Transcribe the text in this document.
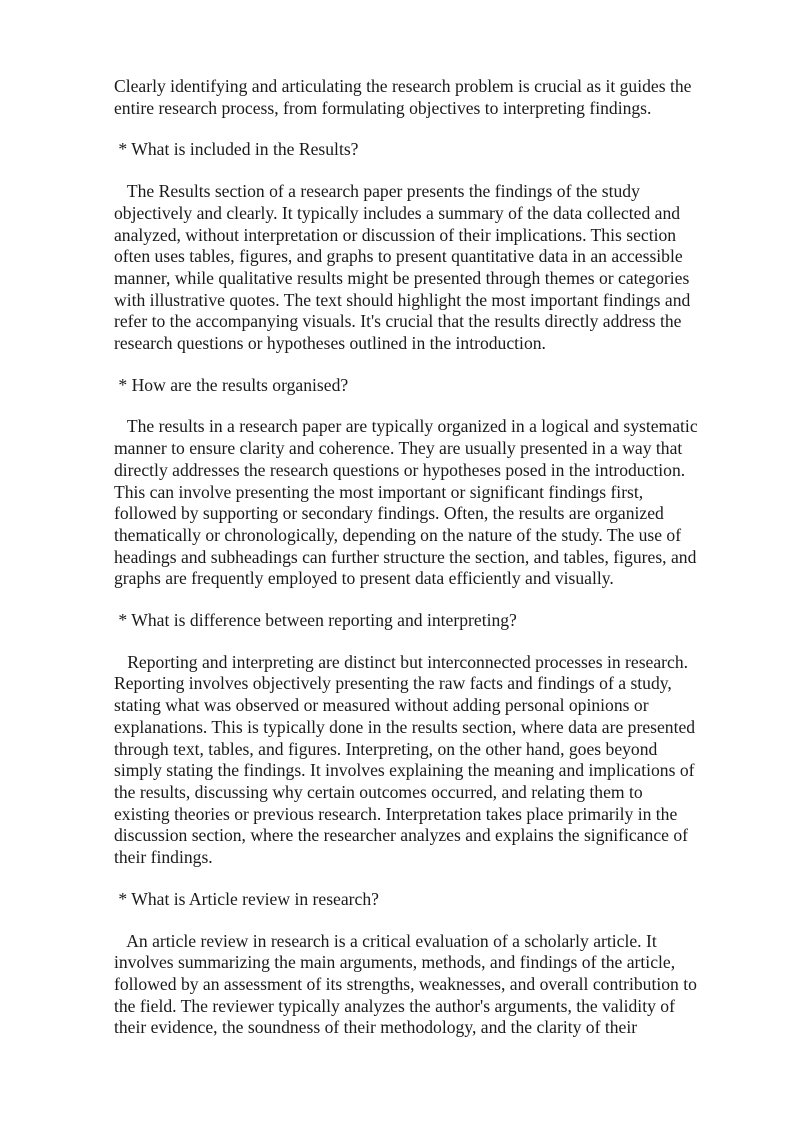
Clearly identifying and articulating the research problem is crucial as it guides the
entire research process, from formulating objectives to interpreting findings.
* What is included in the Results?
The Results section of a research paper presents the findings of the study
objectively and clearly. It typically includes a summary of the data collected and
analyzed, without interpretation or discussion of their implications. This section
often uses tables, figures, and graphs to present quantitative data in an accessible
manner, while qualitative results might be presented through themes or categories
with illustrative quotes. The text should highlight the most important findings and
refer to the accompanying visuals. It's crucial that the results directly address the
research questions or hypotheses outlined in the introduction.
* How are the results organised?
The results in a research paper are typically organized in a logical and systematic
manner to ensure clarity and coherence. They are usually presented in a way that
directly addresses the research questions or hypotheses posed in the introduction.
This can involve presenting the most important or significant findings first,
followed by supporting or secondary findings. Often, the results are organized
thematically or chronologically, depending on the nature of the study. The use of
headings and subheadings can further structure the section, and tables, figures, and
graphs are frequently employed to present data efficiently and visually.
* What is difference between reporting and interpreting?
Reporting and interpreting are distinct but interconnected processes in research.
Reporting involves objectively presenting the raw facts and findings of a study,
stating what was observed or measured without adding personal opinions or
explanations. This is typically done in the results section, where data are presented
through text, tables, and figures. Interpreting, on the other hand, goes beyond
simply stating the findings. It involves explaining the meaning and implications of
the results, discussing why certain outcomes occurred, and relating them to
existing theories or previous research. Interpretation takes place primarily in the
discussion section, where the researcher analyzes and explains the significance of
their findings.
* What is Article review in research?
An article review in research is a critical evaluation of a scholarly article. It
involves summarizing the main arguments, methods, and findings of the article,
followed by an assessment of its strengths, weaknesses, and overall contribution to
the field. The reviewer typically analyzes the author's arguments, the validity of
their evidence, the soundness of their methodology, and the clarity of their
